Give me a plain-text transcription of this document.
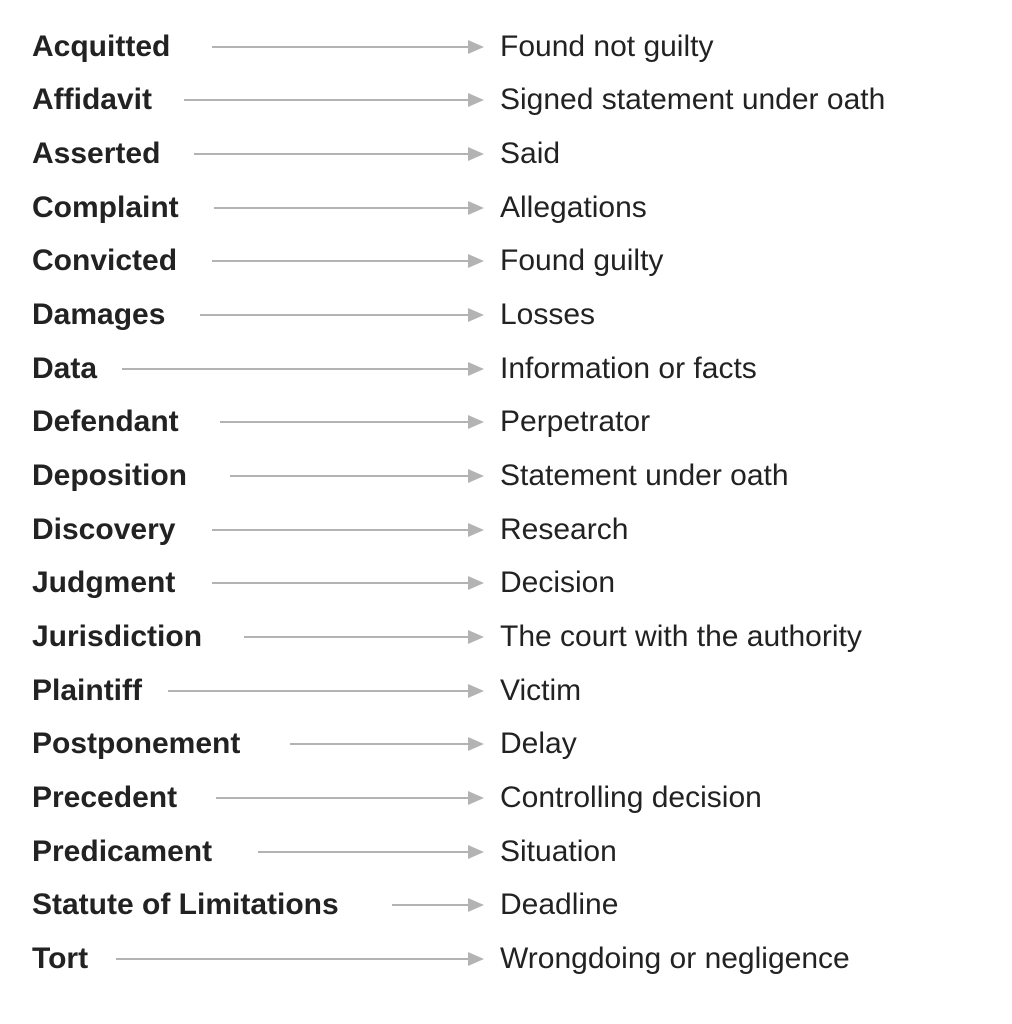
Acquitted	Found not guilty
Affidavit	Signed statement under oath
Asserted	Said
Complaint	Allegations
Convicted	Found guilty
Damages	Losses
Data	Information or facts
Defendant	Perpetrator
Deposition	Statement under oath
Discovery	Research
Judgment	Decision
Jurisdiction	The court with the authority
Plaintiff	Victim
Postponement	Delay
Precedent	Controlling decision
Predicament	Situation
Statute of Limitations	Deadline
Tort	Wrongdoing or negligence
